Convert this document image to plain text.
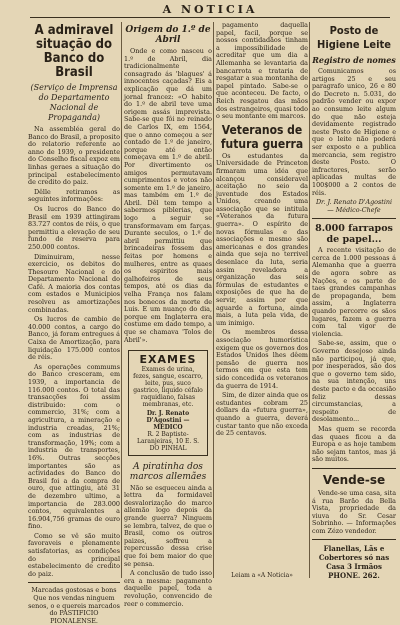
A NOTICIA
A admiravel situação do Banco do Brasil
(Serviço de Imprensa do Departamento Nacional de Propaganda)

Na assembléa geral do Banco do Brasil, a proposito do relatorio referente ao anno de 1939, o presidente do Conselho fiscal expoz em linhas geraes a situação do principal estabelecimento de credito do paiz.

Dêlle retiramos as seguintes informações:

Os lucros do Banco do Brasil em 1939 attingiram 83.727 contos de réis, o que permittiu a elevação de seu fundo de reserva para 250.000 contos.

Diminuiram, nesse exercicio, os debitos do Thesouro Nacional e do Departamento Nacional do Café. A maioria dos contas com estados e Municipios resolveu as amortizações combinadas.

Os lucros de cambio de 40.000 contos, a cargo do Banco, já foram entregues á Caixa de Amortização, para liquidação 175.000 contos de réis.

As operações commums do Banco cresceram, em 1939, a importancia de 116.000 contos. O total das transacções foi assim distribuido: com o commercio, 31%; com a agricultura, a mineração e industria creadas, 21%; com as industrias de transformação, 19%; com a industria de transportes, 16%. Outras secções importantes são as actividades do Banco do Brasil foi a da compra de ouro, que attingiu, até 31 de dezembro ultimo, a importancia de 283.000 contos, equivalentes a 16.904,756 gramas de ouro fino.

Como se vê são muito favoraveis e plenamente satisfatorias, as condições do principal estabelecimento de credito do paiz.

Marcadas gostosas e bons Que nos vendas ninguem senos, o e quereis marcados do PASTIFICIO PIONALENSE.

Origem do 1.º de Abril

Onde e como nasceu o 1.º de Abril, dia tradicionalmente consagrado ás 'blagues' á innocentes caçadas? Eis a explicação que dá um jornal francez: «O habito do 1.º de abril teve uma origem assás imprevista. Sabe-se que fôi no reinado de Carlos IX, em 1564, que o anno começou a ser contado de 1.º de janeiro, porque até então começava em 1.º de abril. Por divertimento os amigos permutavam cumprimentos e votos não somente em 1.º de janeiro, mas também em 1.º de Abril. Dêl tem tempo a sabermos piblerias, que logo a seguir se transformavam em farças. Durante seculos, o 1.º de abril permittiu que brincadeiras fossem das feitas por homens e mulheres, entre as quaes os espiritos mais galhofeiros de seus tempos, até os dias da velha França nos falam nos bonecos da morte de Luis. E um nuanço do dia, porque em Inglaterra era costume em dado tempo, a que se chamava 'Tolos de Abril'».

EXAMES
Exames de urina, fezes, sangue, escarro, leite, pus, suco gastrico, liquido céfalo raquidiano, falsas membranas, etc.
Dr. J. Renato D'Agostini — MÉDICO
R. 2 Baptiste-Laranjeiras, 10 E. S. DO PINHAL
A piratinha dos marcos allemães

Não se esqueceu ainda a lettra da formidavel desvalorização do marco allemão logo depois da grande guerra? Ninguem se lembra, talvez, de que o Brasil, como os outros paizes, soffreu a repercussão dessa crise que foi bem maior do que se pensa.

A conclusão de tudo isso era a mesma: pagamento daquelle papel, toda a revolução, convencido de reer o commercio.

pagamento daquella papel, facil, porque se nossos contidadãos tinham a impossibilidade de acreditar que um dia a Allemanha se levantaria da bancarrota e trataria de resgatar a sua montanha de papel pintado. Sabe-se o que aconteceu. De facto, o Reich resgatou das mãos dos estrangeiros, quasi todo o seu montante em marcos.

Veteranos de futura guerra

Os estudantes da Universidade de Princeton firmaram uma idéa que alcançou consideravel aceitação no seio da juventude dos Estados Unidos, creando uma associação que se intitula «Veteranos da futura guerra». O espírito de novas fórmulas e das associações e mesmo são americanas e dos grandes ainda que seja no terrivel desenlace da luta, seria assim reveladora a organização das seis fórmulas de estudantes e exposições de que ha de servir, assim por que aguarde a fortuna, ainda mais, a luta pela vida, de um inimigo.

Os membros dessa associação humorística exigem que os governos dos Estados Unidos lhes dêem pensão de guerra nos termos em que esta tem sido concedida os veteranos da guerra de 1914.

Sim, de dizer ainda que os estudantes cobram 25 dollars da «futura guerra», quando a guerra, deverá custar tanto que não exceda de 25 centavos.

Leiam a «A Noticia»
Posto de Higiene Leite
Registro de nomes

Comunicamos os artigos 25 e seu paragrafo unico, 26 e 80 do Decreto n. 5.031, do padrão vender ou expor ao consumo leite algum do que não esteja devidamente registrado neste Posto de Higiene e que o leite não poderá ser exposto e a publica mercancia, sem registro deste Posto. O infractores, serão aplicadas multas de 100$000 a 2 contos de réis.

Dr. J. Renato D'Agostini — Médico-Chefe

8.000 farrapos de papel...

A recente visitação de cerca de 1.000 pessoas á Alemanha que a guerra de agora sobre as Nações, e os parte de taes grandes campanhas de propaganda, bem assim, a Inglaterra quando percorre os sãos lugares, fazem a guerra com tal vigor de violencia.

Sabe-se, assim, que o Governo desejoso ainda não participou, já que, por inesperados, são dos que o governo tem sido, na sua intenção, uns deste pacto e da occasião feliz dessas circumstancias, a respeito de desolamento...

Mas quem se recorda das quaes ficou a da Europa e as hoje tambem não sejam tantos, mas já são muitos.

Vende-se

Vende-se uma casa, sita á rua Barão da Bella Vista, propriedade da viuva do Sr. Cesar Sobrinho. — Informações com Zézo vendedor.

Flanellas, Lãs e Cobertores só nas Casa 3 Irmãos PHONE. 262.
